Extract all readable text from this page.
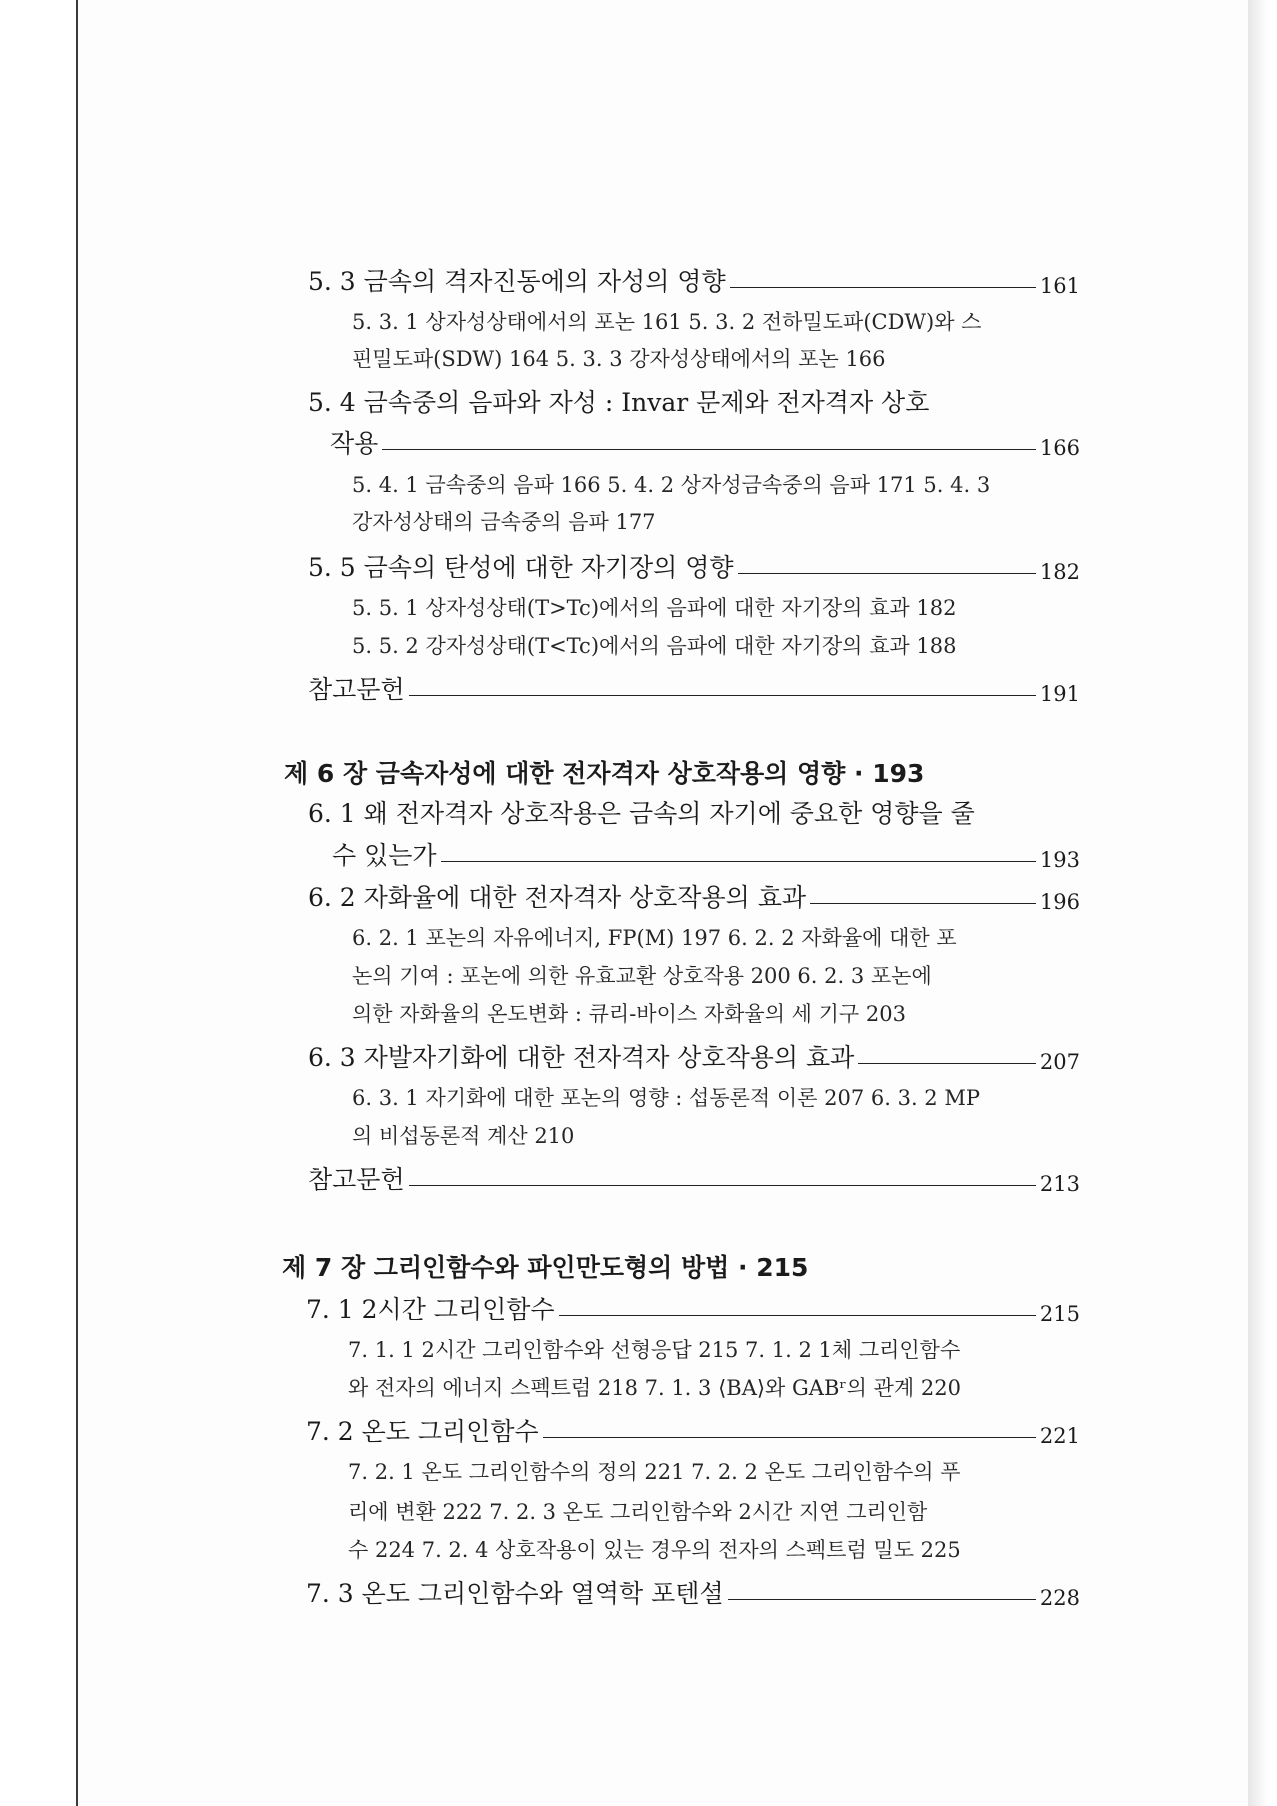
5. 3 금속의 격자진동에의 자성의 영향	161
5. 3. 1 상자성상태에서의 포논 161 5. 3. 2 전하밀도파(CDW)와 스
핀밀도파(SDW) 164 5. 3. 3 강자성상태에서의 포논 166
5. 4 금속중의 음파와 자성 : Invar 문제와 전자격자 상호
작용	166
5. 4. 1 금속중의 음파 166 5. 4. 2 상자성금속중의 음파 171 5. 4. 3
강자성상태의 금속중의 음파 177
5. 5 금속의 탄성에 대한 자기장의 영향	182
5. 5. 1 상자성상태(T>Tc)에서의 음파에 대한 자기장의 효과 182
5. 5. 2 강자성상태(T<Tc)에서의 음파에 대한 자기장의 효과 188
참고문헌	191
제 6 장 금속자성에 대한 전자격자 상호작용의 영향 · 193
6. 1 왜 전자격자 상호작용은 금속의 자기에 중요한 영향을 줄
수 있는가	193
6. 2 자화율에 대한 전자격자 상호작용의 효과	196
6. 2. 1 포논의 자유에너지, FP(M) 197 6. 2. 2 자화율에 대한 포
논의 기여 : 포논에 의한 유효교환 상호작용 200 6. 2. 3 포논에
의한 자화율의 온도변화 : 큐리-바이스 자화율의 세 기구 203
6. 3 자발자기화에 대한 전자격자 상호작용의 효과	207
6. 3. 1 자기화에 대한 포논의 영향 : 섭동론적 이론 207 6. 3. 2 MP
의 비섭동론적 계산 210
참고문헌	213
제 7 장 그리인함수와 파인만도형의 방법 · 215
7. 1 2시간 그리인함수	215
7. 1. 1 2시간 그리인함수와 선형응답 215 7. 1. 2 1체 그리인함수
와 전자의 에너지 스펙트럼 218 7. 1. 3 ⟨BA⟩와 GABʳ의 관계 220
7. 2 온도 그리인함수	221
7. 2. 1 온도 그리인함수의 정의 221 7. 2. 2 온도 그리인함수의 푸
리에 변환 222 7. 2. 3 온도 그리인함수와 2시간 지연 그리인함
수 224 7. 2. 4 상호작용이 있는 경우의 전자의 스펙트럼 밀도 225
7. 3 온도 그리인함수와 열역학 포텐셜	228
